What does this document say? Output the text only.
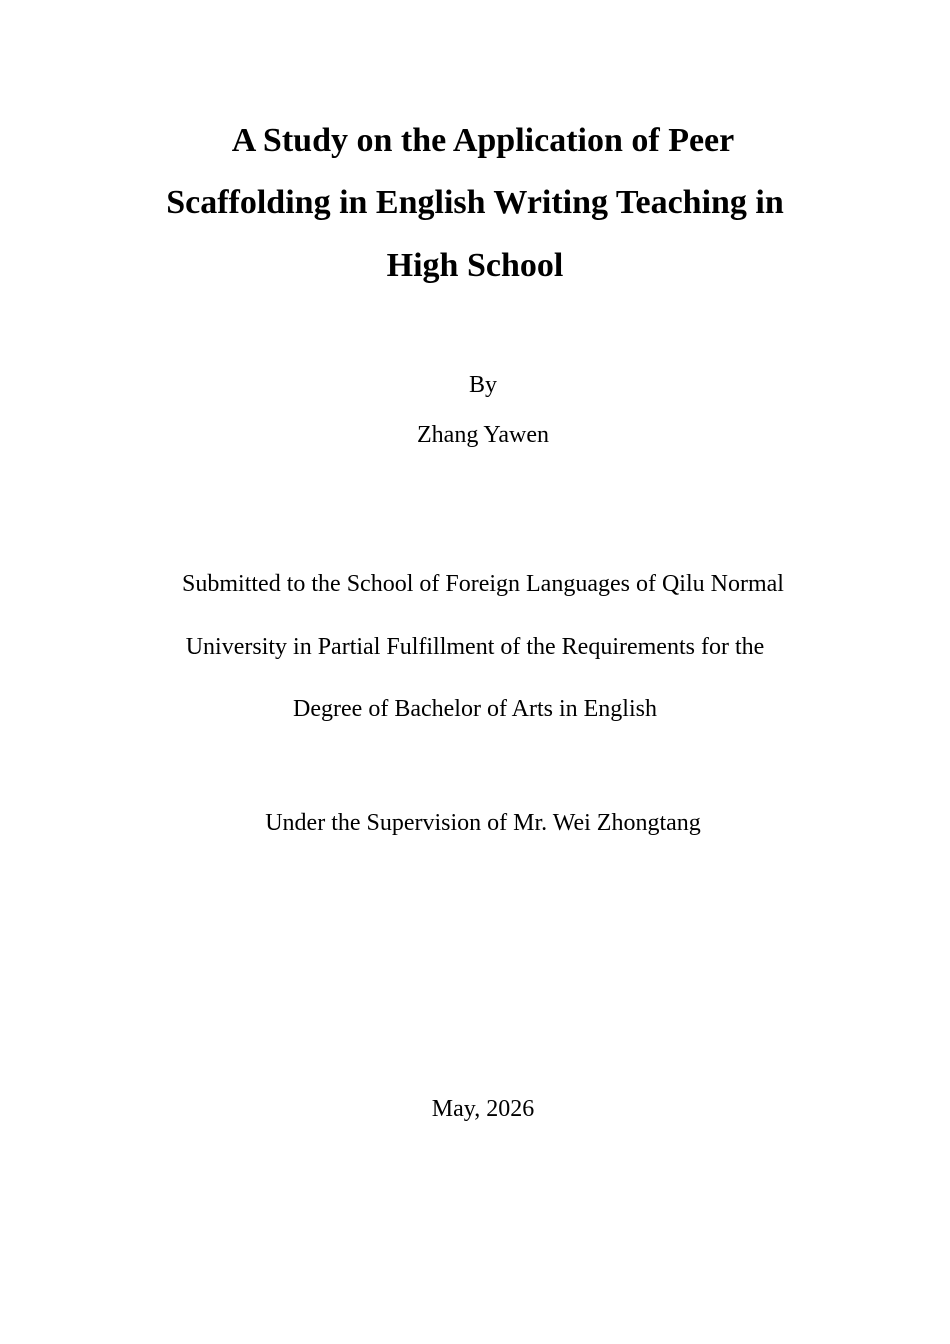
A Study on the Application of Peer
Scaffolding in English Writing Teaching in
High School
By
Zhang Yawen
Submitted to the School of Foreign Languages of Qilu Normal
University in Partial Fulfillment of the Requirements for the
Degree of Bachelor of Arts in English
Under the Supervision of Mr. Wei Zhongtang
May, 2026
